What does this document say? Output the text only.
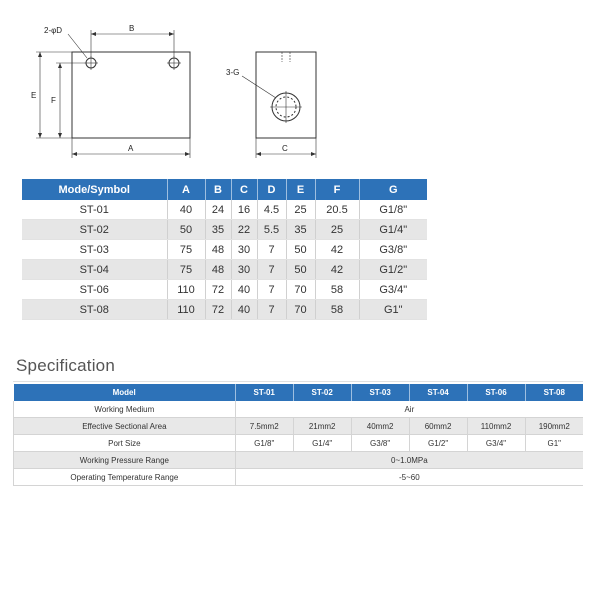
2-φD	B
E
F
A
3-G
C
Mode/Symbol	A	B	C	D	E	F	G
ST-01	40	24	16	4.5	25	20.5	G1/8"
ST-02	50	35	22	5.5	35	25	G1/4"
ST-03	75	48	30	7	50	42	G3/8"
ST-04	75	48	30	7	50	42	G1/2"
ST-06	110	72	40	7	70	58	G3/4"
ST-08	110	72	40	7	70	58	G1"
Specification
Model	ST-01	ST-02	ST-03	ST-04	ST-06	ST-08
Working Medium	Air					
Effective Sectional Area	7.5mm2	21mm2	40mm2	60mm2	110mm2	190mm2
Port Size	G1/8"	G1/4"	G3/8"	G1/2"	G3/4"	G1"
Working Pressure Range	0~1.0MPa					
Operating Temperature Range	-5~60					
